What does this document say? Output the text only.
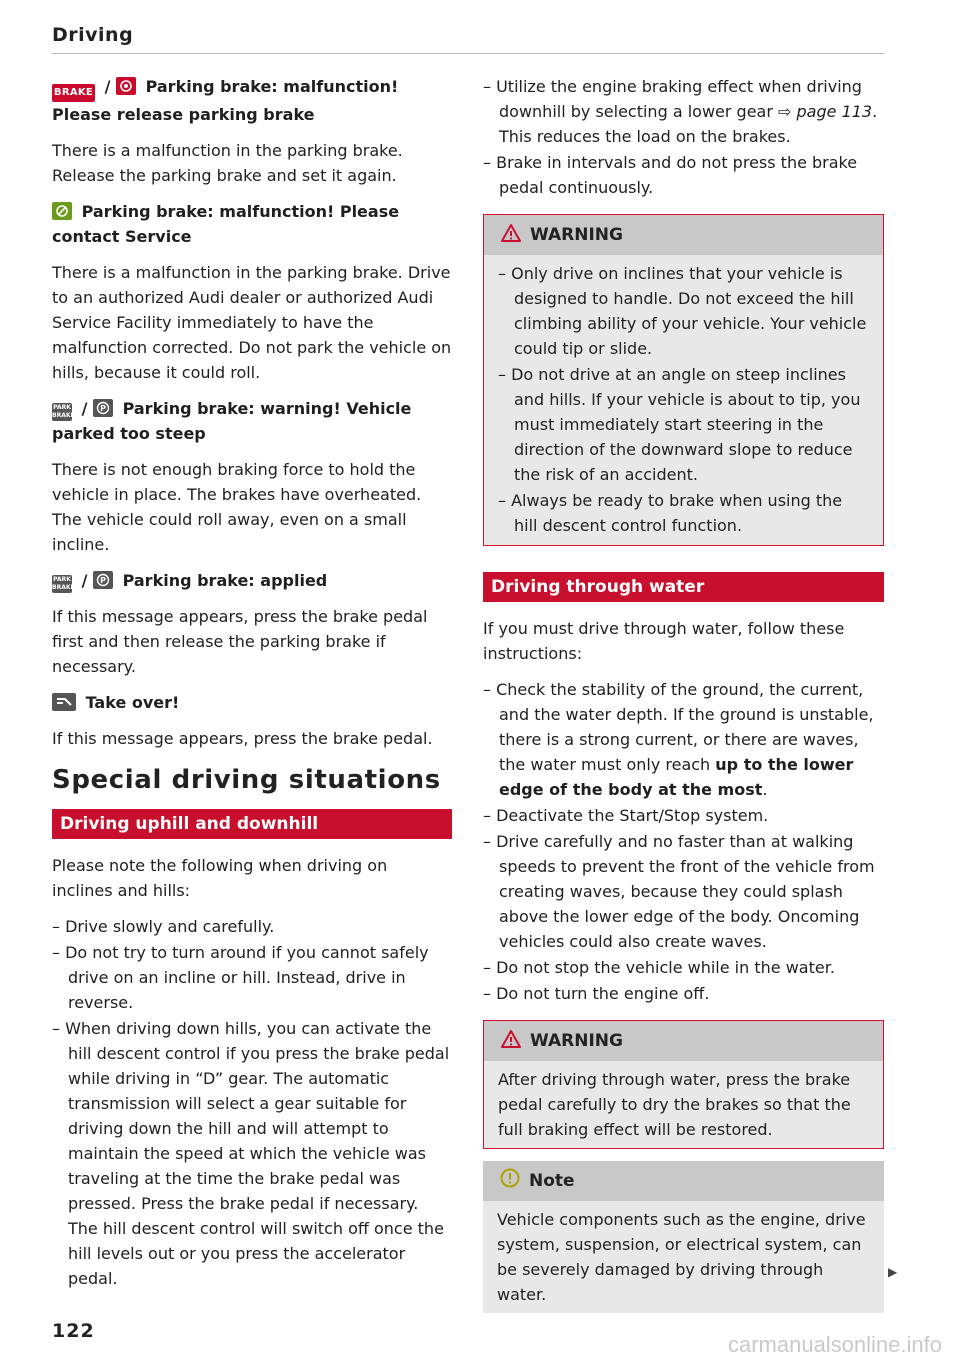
Driving
BRAKE / Parking brake: malfunction! Please release parking brake
There is a malfunction in the parking brake. Release the parking brake and set it again.
Parking brake: malfunction! Please contact Service
There is a malfunction in the parking brake. Drive to an authorized Audi dealer or authorized Audi Service Facility immediately to have the malfunction corrected. Do not park the vehicle on hills, because it could roll.
PARK BRAKE / P Parking brake: warning! Vehicle parked too steep
There is not enough braking force to hold the vehicle in place. The brakes have overheated. The vehicle could roll away, even on a small incline.
PARK BRAKE / P Parking brake: applied
If this message appears, press the brake pedal first and then release the parking brake if necessary.
Take over!
If this message appears, press the brake pedal.
Special driving situations
Driving uphill and downhill
Please note the following when driving on inclines and hills:
– Drive slowly and carefully.
– Do not try to turn around if you cannot safely drive on an incline or hill. Instead, drive in reverse.
– When driving down hills, you can activate the hill descent control if you press the brake pedal while driving in “D” gear. The automatic transmission will select a gear suitable for driving down the hill and will attempt to maintain the speed at which the vehicle was traveling at the time the brake pedal was pressed. Press the brake pedal if necessary. The hill descent control will switch off once the hill levels out or you press the accelerator pedal.
– Utilize the engine braking effect when driving downhill by selecting a lower gear ⇨ page 113. This reduces the load on the brakes.
– Brake in intervals and do not press the brake pedal continuously.
WARNING
– Only drive on inclines that your vehicle is designed to handle. Do not exceed the hill climbing ability of your vehicle. Your vehicle could tip or slide.
– Do not drive at an angle on steep inclines and hills. If your vehicle is about to tip, you must immediately start steering in the direction of the downward slope to reduce the risk of an accident.
– Always be ready to brake when using the hill descent control function.
Driving through water
If you must drive through water, follow these instructions:
– Check the stability of the ground, the current, and the water depth. If the ground is unstable, there is a strong current, or there are waves, the water must only reach up to the lower edge of the body at the most.
– Deactivate the Start/Stop system.
– Drive carefully and no faster than at walking speeds to prevent the front of the vehicle from creating waves, because they could splash above the lower edge of the body. Oncoming vehicles could also create waves.
– Do not stop the vehicle while in the water.
– Do not turn the engine off.
WARNING
After driving through water, press the brake pedal carefully to dry the brakes so that the full braking effect will be restored.
Note
Vehicle components such as the engine, drive system, suspension, or electrical system, can be severely damaged by driving through water.
▶
122
carmanualsonline.info
